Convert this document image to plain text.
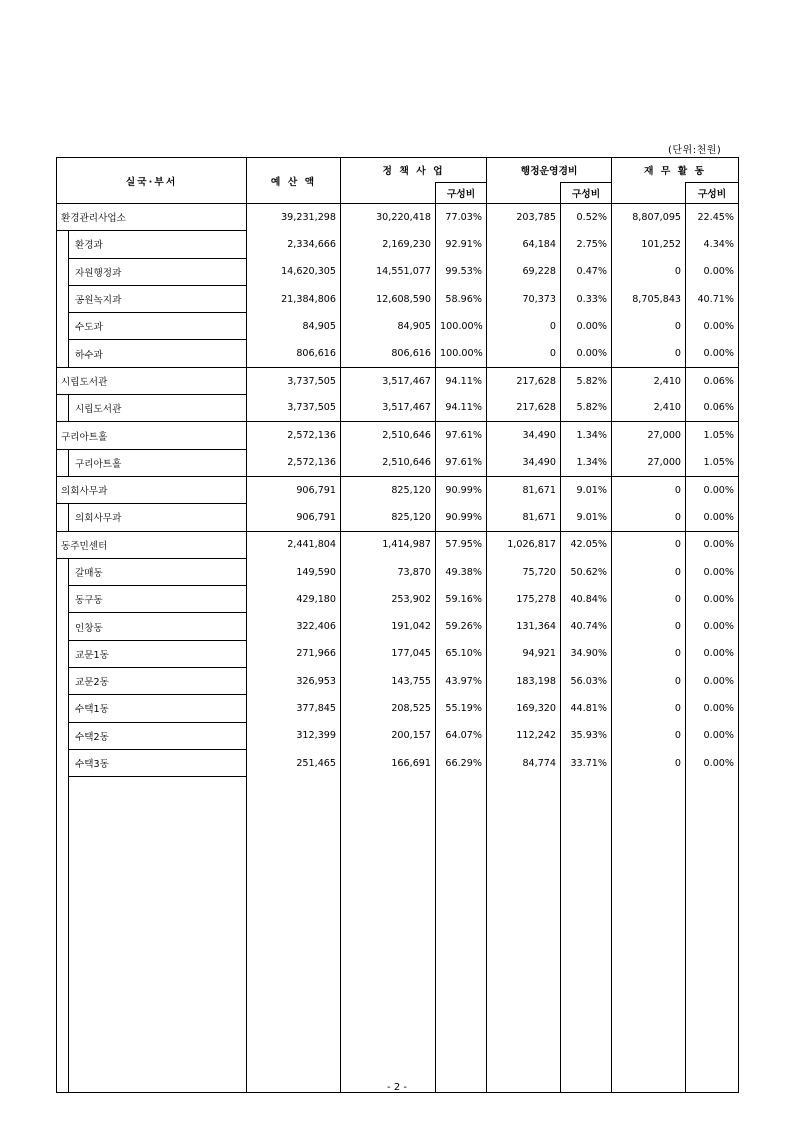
(단위:천원)
실국·부서		예 산 액	정 책 사 업		행정운영경비		재 무 활 동	
				구성비		구성비		구성비
환경관리사업소		39,231,298	30,220,418	77.03%	203,785	0.52%	8,807,095	22.45%
	환경과	2,334,666	2,169,230	92.91%	64,184	2.75%	101,252	4.34%
	자원행정과	14,620,305	14,551,077	99.53%	69,228	0.47%	0	0.00%
	공원녹지과	21,384,806	12,608,590	58.96%	70,373	0.33%	8,705,843	40.71%
	수도과	84,905	84,905	100.00%	0	0.00%	0	0.00%
	하수과	806,616	806,616	100.00%	0	0.00%	0	0.00%
시립도서관		3,737,505	3,517,467	94.11%	217,628	5.82%	2,410	0.06%
	시립도서관	3,737,505	3,517,467	94.11%	217,628	5.82%	2,410	0.06%
구리아트홀		2,572,136	2,510,646	97.61%	34,490	1.34%	27,000	1.05%
	구리아트홀	2,572,136	2,510,646	97.61%	34,490	1.34%	27,000	1.05%
의회사무과		906,791	825,120	90.99%	81,671	9.01%	0	0.00%
	의회사무과	906,791	825,120	90.99%	81,671	9.01%	0	0.00%
동주민센터		2,441,804	1,414,987	57.95%	1,026,817	42.05%	0	0.00%
	갈매동	149,590	73,870	49.38%	75,720	50.62%	0	0.00%
	동구동	429,180	253,902	59.16%	175,278	40.84%	0	0.00%
	인창동	322,406	191,042	59.26%	131,364	40.74%	0	0.00%
	교문1동	271,966	177,045	65.10%	94,921	34.90%	0	0.00%
	교문2동	326,953	143,755	43.97%	183,198	56.03%	0	0.00%
	수택1동	377,845	208,525	55.19%	169,320	44.81%	0	0.00%
	수택2동	312,399	200,157	64.07%	112,242	35.93%	0	0.00%
	수택3동	251,465	166,691	66.29%	84,774	33.71%	0	0.00%

- 2 -
